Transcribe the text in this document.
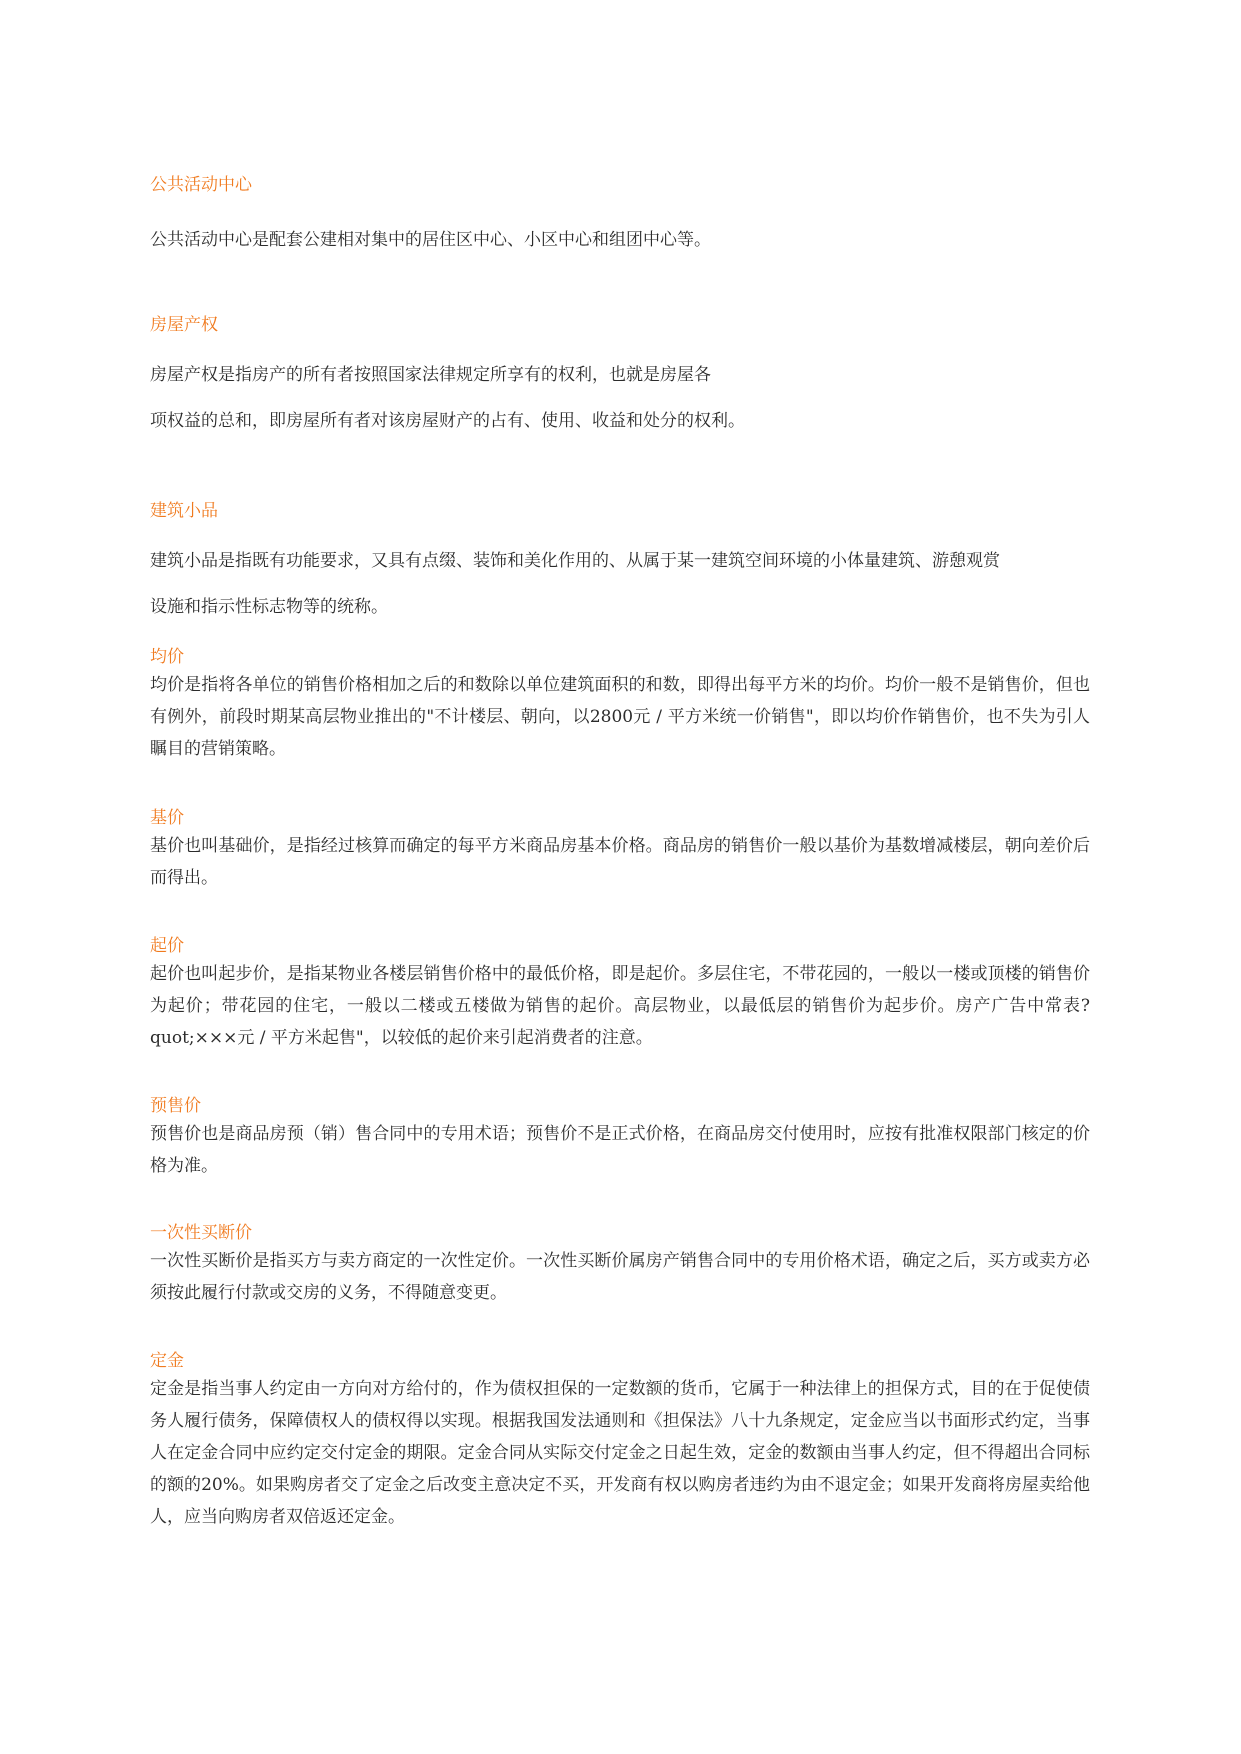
公共活动中心
公共活动中心是配套公建相对集中的居住区中心、小区中心和组团中心等。
房屋产权
房屋产权是指房产的所有者按照国家法律规定所享有的权利，也就是房屋各
项权益的总和，即房屋所有者对该房屋财产的占有、使用、收益和处分的权利。
建筑小品
建筑小品是指既有功能要求，又具有点缀、装饰和美化作用的、从属于某一建筑空间环境的小体量建筑、游憩观赏
设施和指示性标志物等的统称。
均价
均价是指将各单位的销售价格相加之后的和数除以单位建筑面积的和数，即得出每平方米的均价。均价一般不是销售价，但也有例外，前段时期某高层物业推出的"不计楼层、朝向，以2800元 / 平方米统一价销售"，即以均价作销售价，也不失为引人瞩目的营销策略。
基价
基价也叫基础价，是指经过核算而确定的每平方米商品房基本价格。商品房的销售价一般以基价为基数增减楼层，朝向差价后而得出。
起价
起价也叫起步价，是指某物业各楼层销售价格中的最低价格，即是起价。多层住宅，不带花园的，一般以一楼或顶楼的销售价为起价；带花园的住宅，一般以二楼或五楼做为销售的起价。高层物业，以最低层的销售价为起步价。房产广告中常表?quot;×××元 / 平方米起售"，以较低的起价来引起消费者的注意。
预售价
预售价也是商品房预（销）售合同中的专用术语；预售价不是正式价格，在商品房交付使用时，应按有批准权限部门核定的价格为准。
一次性买断价
一次性买断价是指买方与卖方商定的一次性定价。一次性买断价属房产销售合同中的专用价格术语，确定之后，买方或卖方必须按此履行付款或交房的义务，不得随意变更。
定金
定金是指当事人约定由一方向对方给付的，作为债权担保的一定数额的货币，它属于一种法律上的担保方式，目的在于促使债务人履行债务，保障债权人的债权得以实现。根据我国发法通则和《担保法》八十九条规定，定金应当以书面形式约定，当事人在定金合同中应约定交付定金的期限。定金合同从实际交付定金之日起生效，定金的数额由当事人约定，但不得超出合同标的额的20%。如果购房者交了定金之后改变主意决定不买，开发商有权以购房者违约为由不退定金；如果开发商将房屋卖给他人，应当向购房者双倍返还定金。
